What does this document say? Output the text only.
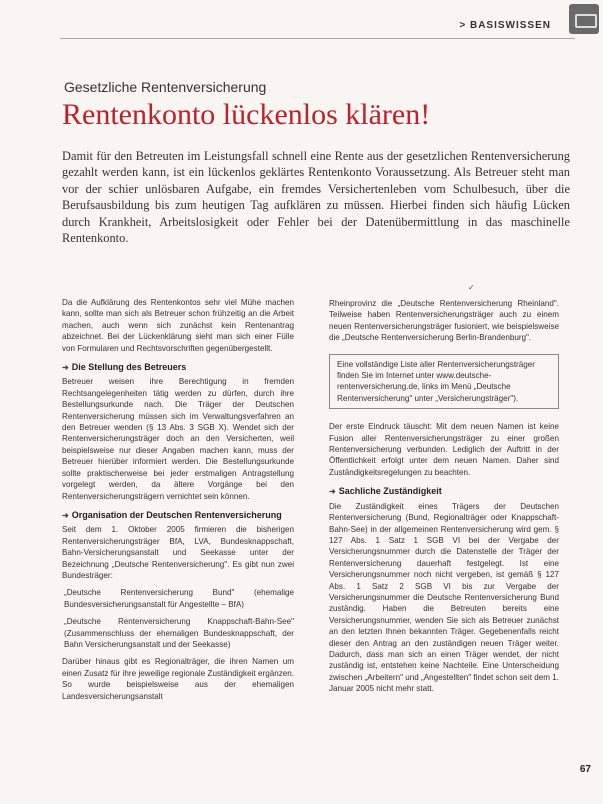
> BASISWISSEN
Gesetzliche Rentenversicherung
Rentenkonto lückenlos klären!
Damit für den Betreuten im Leistungsfall schnell eine Rente aus der gesetzlichen Rentenversicherung gezahlt werden kann, ist ein lückenlos geklärtes Rentenkonto Voraussetzung. Als Betreuer steht man vor der schier unlösbaren Aufgabe, ein fremdes Versichertenleben vom Schulbesuch, über die Berufsausbildung bis zum heutigen Tag aufklären zu müssen. Hierbei finden sich häufig Lücken durch Krankheit, Arbeitslosigkeit oder Fehler bei der Datenübermittlung in das maschinelle Rentenkonto.
✓

Da die Aufklärung des Rentenkontos sehr viel Mühe machen kann, sollte man sich als Betreuer schon frühzeitig an die Arbeit machen, auch wenn sich zunächst kein Rentenantrag abzeichnet. Bei der Lückenklärung sieht man sich einer Fülle von Formularen und Rechtsvorschriften gegenübergestellt.

➜ Die Stellung des Betreuers

Betreuer weisen ihre Berechtigung in fremden Rechtsangelegenheiten tätig werden zu dürfen, durch ihre Bestellungsurkunde nach. Die Träger der Deutschen Rentenversicherung müssen sich im Verwaltungsverfahren an den Betreuer wenden (§ 13 Abs. 3 SGB X). Wendet sich der Rentenversicherungsträger doch an den Versicherten, weil beispielsweise nur dieser Angaben machen kann, muss der Betreuer hierüber informiert werden. Die Bestellungsurkunde sollte praktischerweise bei jeder erstmaligen Antragstellung vorgelegt werden, da ältere Vorgänge bei den Rentenversicherungsträgern vernichtet sein können.

➜ Organisation der Deutschen Rentenversicherung

Seit dem 1. Oktober 2005 firmieren die bisherigen Rentenversicherungsträger BfA, LVA, Bundesknappschaft, Bahn-Versicherungsanstalt und Seekasse unter der Bezeichnung „Deutsche Rentenversicherung". Es gibt nun zwei Bundesträger:

„Deutsche Rentenversicherung Bund" (ehemalige Bundesversicherungsanstalt für Angestellte – BfA)

„Deutsche Rentenversicherung Knappschaft-Bahn-See" (Zusammenschluss der ehemaligen Bundesknappschaft, der Bahn Versicherungsanstalt und der Seekasse)

Darüber hinaus gibt es Regionalträger, die ihren Namen um einen Zusatz für ihre jeweilige regionale Zuständigkeit ergänzen. So wurde beispielsweise aus der ehemaligen Landesversicherungsanstalt

Rheinprovinz die „Deutsche Rentenversicherung Rheinland". Teilweise haben Rentenversicherungsträger auch zu einem neuen Rentenversicherungsträger fusioniert, wie beispielsweise die „Deutsche Rentenversicherung Berlin-Brandenburg".

Eine vollständige Liste aller Rentenversicherungsträger finden Sie im Internet unter www.deutsche-rentenversicherung.de, links im Menü „Deutsche Rentenversicherung" unter „Versicherungsträger").

Der erste Eindruck täuscht: Mit dem neuen Namen ist keine Fusion aller Rentenversicherungsträger zu einer großen Rentenversicherung verbunden. Lediglich der Auftritt in der Öffentlichkeit erfolgt unter dem neuen Namen. Daher sind Zuständigkeitsregelungen zu beachten.

➜ Sachliche Zuständigkeit

Die Zuständigkeit eines Trägers der Deutschen Rentenversicherung (Bund, Regionalträger oder Knappschaft-Bahn-See) in der allgemeinen Rentenversicherung wird gem. § 127 Abs. 1 Satz 1 SGB VI bei der Vergabe der Versicherungsnummer durch die Datenstelle der Träger der Rentenversicherung dauerhaft festgelegt. Ist eine Versicherungsnummer noch nicht vergeben, ist gemäß § 127 Abs. 1 Satz 2 SGB VI bis zur Vergabe der Versicherungsnummer die Deutsche Rentenversicherung Bund zuständig. Haben die Betreuten bereits eine Versicherungsnummer, wenden Sie sich als Betreuer zunächst an den letzten Ihnen bekannten Träger. Gegebenenfalls reicht dieser den Antrag an den zuständigen neuen Träger weiter. Dadurch, dass man sich an einen Träger wendet, der nicht zuständig ist, entstehen keine Nachteile. Eine Unterscheidung zwischen „Arbeitern" und „Angestellten" findet schon seit dem 1. Januar 2005 nicht mehr statt.

67
